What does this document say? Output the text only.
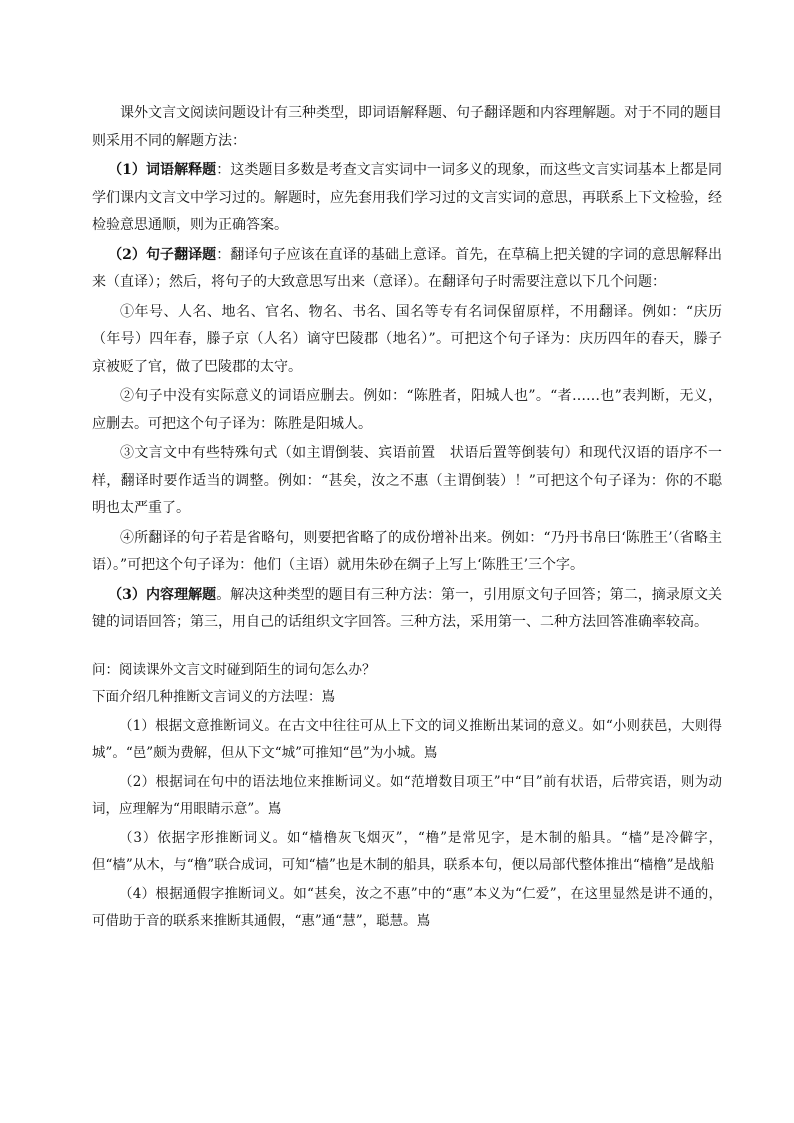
课外文言文阅读问题设计有三种类型，即词语解释题、句子翻译题和内容理解题。对于不同的题目则采用不同的解题方法：

（1）词语解释题：这类题目多数是考查文言实词中一词多义的现象，而这些文言实词基本上都是同学们课内文言文中学习过的。解题时，应先套用我们学习过的文言实词的意思，再联系上下文检验，经检验意思通顺，则为正确答案。

（2）句子翻译题：翻译句子应该在直译的基础上意译。首先，在草稿上把关键的字词的意思解释出来（直译）；然后，将句子的大致意思写出来（意译）。在翻译句子时需要注意以下几个问题：

①年号、人名、地名、官名、物名、书名、国名等专有名词保留原样，不用翻译。例如：“庆历（年号）四年春，滕子京（人名）谪守巴陵郡（地名）”。可把这个句子译为：庆历四年的春天，滕子京被贬了官，做了巴陵郡的太守。

②句子中没有实际意义的词语应删去。例如：“陈胜者，阳城人也”。“者……也”表判断，无义，应删去。可把这个句子译为：陈胜是阳城人。

③文言文中有些特殊句式（如主谓倒装、宾语前置　状语后置等倒装句）和现代汉语的语序不一样，翻译时要作适当的调整。例如：“甚矣，汝之不惠（主谓倒装）！”可把这个句子译为：你的不聪明也太严重了。

④所翻译的句子若是省略句，则要把省略了的成份增补出来。例如：“乃丹书帛曰‘陈胜王’（省略主语）。”可把这个句子译为：他们（主语）就用朱砂在绸子上写上‘陈胜王’三个字。

（3）内容理解题。解决这种类型的题目有三种方法：第一，引用原文句子回答；第二，摘录原文关键的词语回答；第三，用自己的话组织文字回答。三种方法，采用第一、二种方法回答准确率较高。

问：阅读课外文言文时碰到陌生的词句怎么办？

下面介绍几种推断文言词义的方法㖏：嶌

（1）根据文意推断词义。在古文中往往可从上下文的词义推断出某词的意义。如“小则获邑，大则得城”。“邑”颇为费解，但从下文“城”可推知“邑”为小城。嶌

（2）根据词在句中的语法地位来推断词义。如“范增数目项王”中“目”前有状语，后带宾语，则为动词，应理解为“用眼睛示意”。嶌

（3）依据字形推断词义。如“樯橹灰飞烟灭”，“橹”是常见字，是木制的船具。“樯”是冷僻字，但“樯”从木，与“橹”联合成词，可知“樯”也是木制的船具，联系本句，便以局部代整体推出“樯橹”是战船

（4）根据通假字推断词义。如“甚矣，汝之不惠”中的“惠”本义为“仁爱”，在这里显然是讲不通的，可借助于音的联系来推断其通假，“惠”通“慧”，聪慧。嶌
